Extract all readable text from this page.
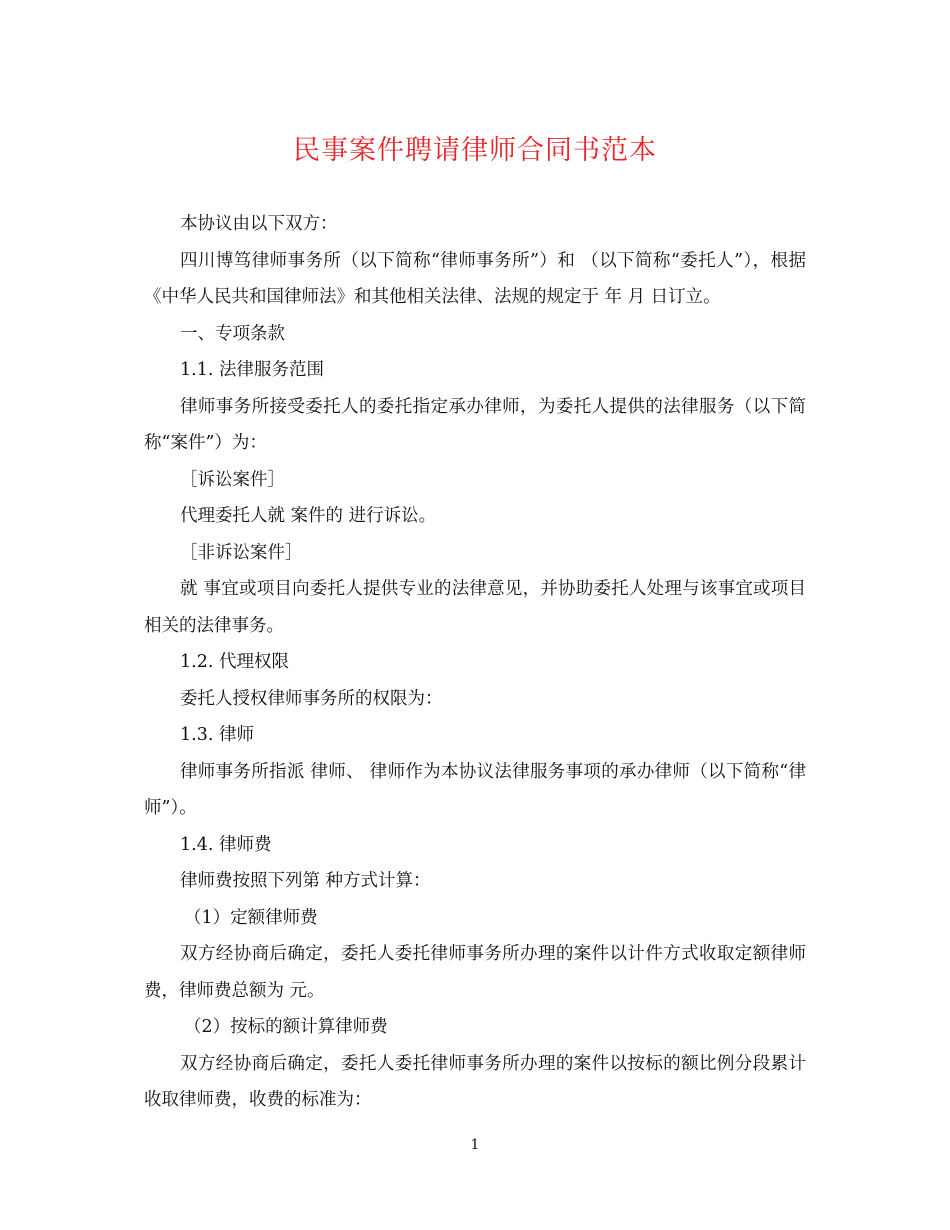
民事案件聘请律师合同书范本

本协议由以下双方：

四川博笃律师事务所（以下简称“律师事务所”）和 （以下简称“委托人”），根据《中华人民共和国律师法》和其他相关法律、法规的规定于 年 月 日订立。

一、专项条款

1.1. 法律服务范围

律师事务所接受委托人的委托指定承办律师，为委托人提供的法律服务（以下简称“案件”）为：

［诉讼案件］

代理委托人就 案件的 进行诉讼。

［非诉讼案件］

就 事宜或项目向委托人提供专业的法律意见，并协助委托人处理与该事宜或项目相关的法律事务。

1.2. 代理权限

委托人授权律师事务所的权限为：

1.3. 律师

律师事务所指派 律师、 律师作为本协议法律服务事项的承办律师（以下简称“律师”）。

1.4. 律师费

律师费按照下列第 种方式计算：

（1）定额律师费

双方经协商后确定，委托人委托律师事务所办理的案件以计件方式收取定额律师费，律师费总额为 元。

（2）按标的额计算律师费

双方经协商后确定，委托人委托律师事务所办理的案件以按标的额比例分段累计收取律师费，收费的标准为：

1
